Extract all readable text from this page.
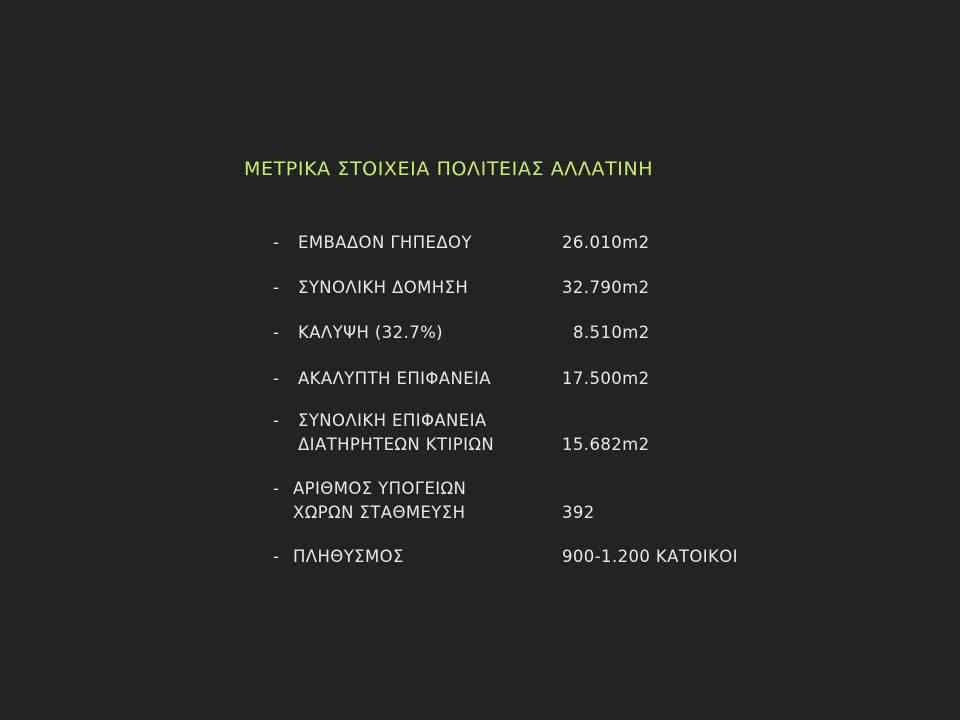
ΜΕΤΡΙΚΑ ΣΤΟΙΧΕΙΑ ΠΟΛΙΤΕΙΑΣ ΑΛΛΑΤΙΝΗ
- ΕΜΒΑΔΟΝ ΓΗΠΕΔΟΥ	26.010m2
- ΣΥΝΟΛΙΚΗ ΔΟΜΗΣΗ	32.790m2
- ΚΑΛΥΨΗ (32.7%)	8.510m2
- ΑΚΑΛΥΠΤΗ ΕΠΙΦΑΝΕΙΑ	17.500m2
- ΣΥΝΟΛΙΚΗ ΕΠΙΦΑΝΕΙΑ
ΔΙΑΤΗΡΗΤΕΩΝ ΚΤΙΡΙΩΝ	15.682m2
- ΑΡΙΘΜΟΣ ΥΠΟΓΕΙΩΝ
ΧΩΡΩΝ ΣΤΑΘΜΕΥΣΗ	392
- ΠΛΗΘΥΣΜΟΣ	900-1.200 ΚΑΤΟΙΚΟΙ
